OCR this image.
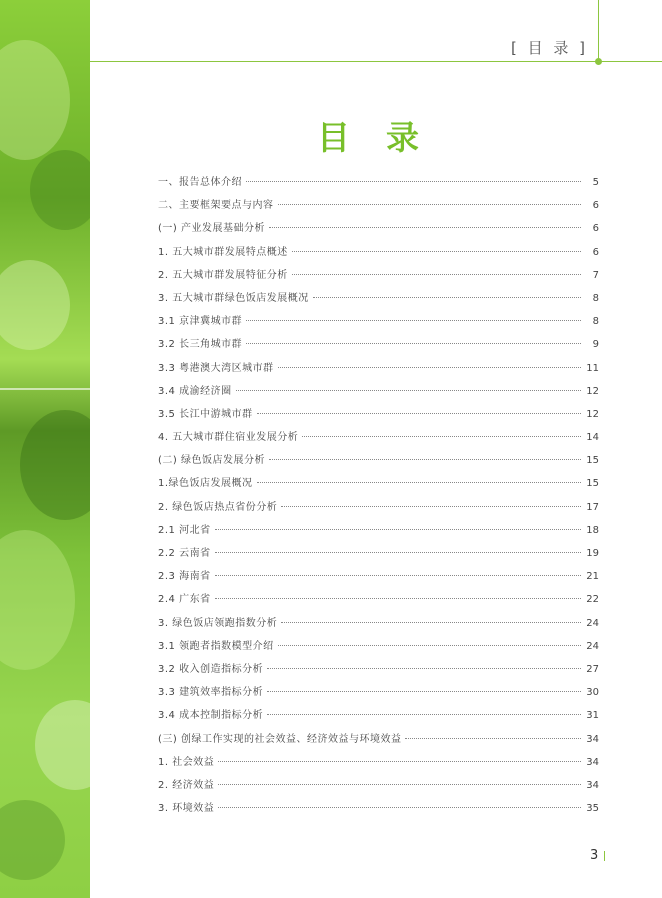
[ 目 录 ]
目录
一、报告总体介绍	5
二、主要框架要点与内容	6
(一) 产业发展基础分析	6
1. 五大城市群发展特点概述	6
2. 五大城市群发展特征分析	7
3. 五大城市群绿色饭店发展概况	8
3.1 京津冀城市群	8
3.2 长三角城市群	9
3.3 粤港澳大湾区城市群	11
3.4 成渝经济圈	12
3.5 长江中游城市群	12
4. 五大城市群住宿业发展分析	14
(二) 绿色饭店发展分析	15
1.绿色饭店发展概况	15
2. 绿色饭店热点省份分析	17
2.1 河北省	18
2.2 云南省	19
2.3 海南省	21
2.4 广东省	22
3. 绿色饭店领跑指数分析	24
3.1 领跑者指数模型介绍	24
3.2 收入创造指标分析	27
3.3 建筑效率指标分析	30
3.4 成本控制指标分析	31
(三) 创绿工作实现的社会效益、经济效益与环境效益	34
1. 社会效益	34
2. 经济效益	34
3. 环境效益	35
3
